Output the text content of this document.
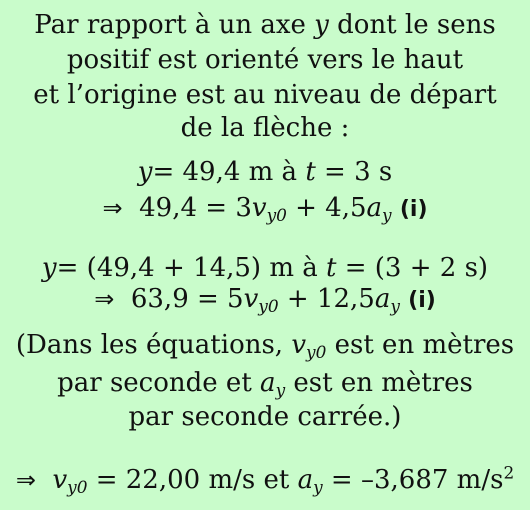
Par rapport à un axe y dont le sens
positif est orienté vers le haut
et l’origine est au niveau de départ
de la flèche :
y= 49,4 m à t = 3 s
⇒ $49,4 = 3v_{y0} + 4,5a_y$ (i)
y= (49,4 + 14,5) m à t = (3 + 2 s)
⇒ $63,9 = 5v_{y0} + 12,5a_y$ (i)
(Dans les équations, $v_{y0}$ est en mètres
par seconde et $a_y$ est en mètres
par seconde carrée.)
⇒ $v_{y0} = 22,00$ m/s et $a_y = -3,687$ $m/s^2$
